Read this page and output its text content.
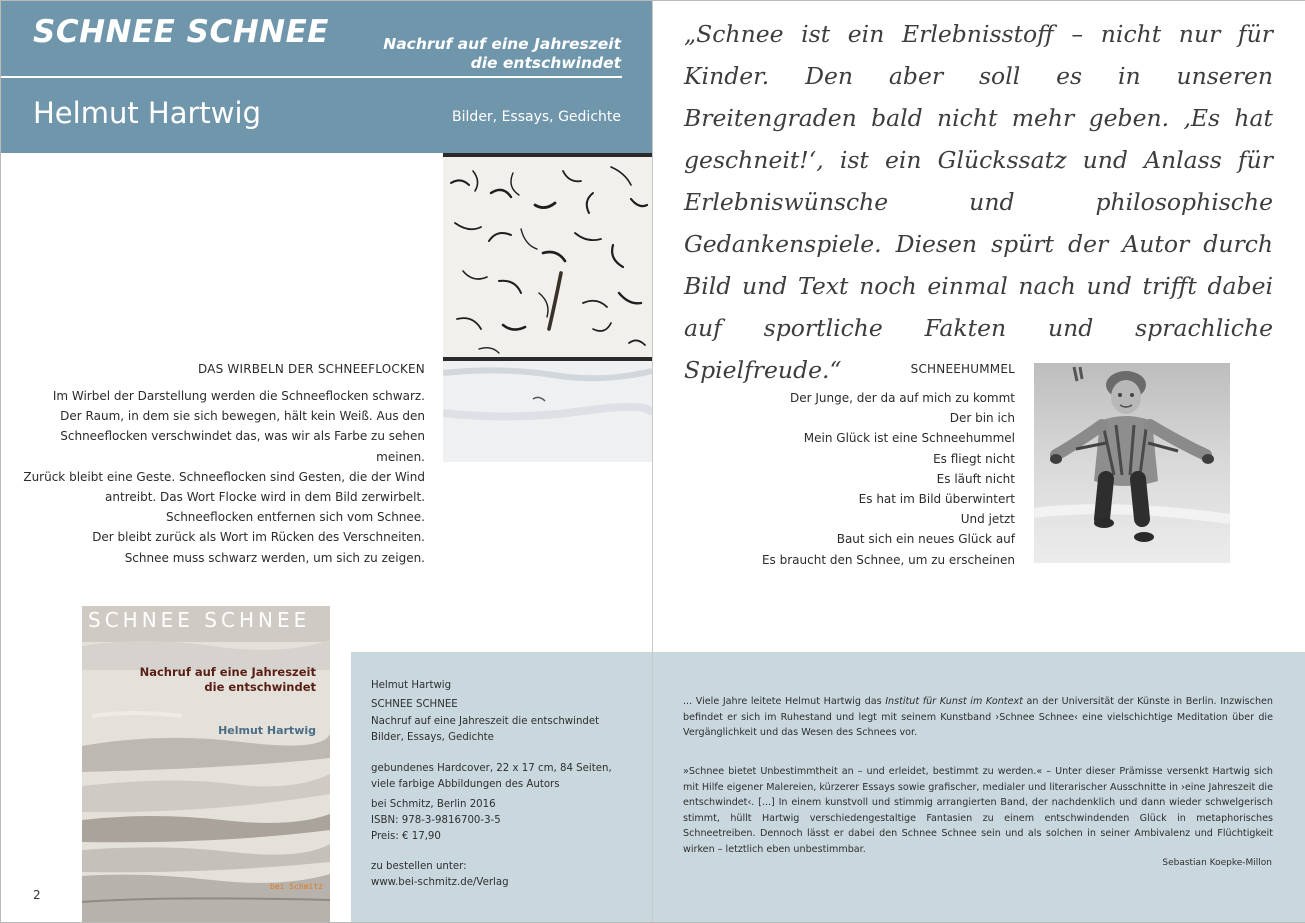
SCHNEE SCHNEE	Nachruf auf eine Jahreszeit
die entschwindet
Helmut Hartwig	Bilder, Essays, Gedichte
DAS WIRBELN DER SCHNEEFLOCKEN
Im Wirbel der Darstellung werden die Schneeflocken schwarz.
Der Raum, in dem sie sich bewegen, hält kein Weiß. Aus den
Schneeflocken verschwindet das, was wir als Farbe zu sehen meinen.
Zurück bleibt eine Geste. Schneeflocken sind Gesten, die der Wind
antreibt. Das Wort Flocke wird in dem Bild zerwirbelt.
Schneeflocken entfernen sich vom Schnee.
Der bleibt zurück als Wort im Rücken des Verschneiten.
Schnee muss schwarz werden, um sich zu zeigen.
SCHNEE SCHNEE
Nachruf auf eine Jahreszeit
die entschwindet
Helmut Hartwig
bei Schmitz
2
Helmut Hartwig
SCHNEE SCHNEE
Nachruf auf eine Jahreszeit die entschwindet
Bilder, Essays, Gedichte
gebundenes Hardcover, 22 x 17 cm, 84 Seiten,
viele farbige Abbildungen des Autors
bei Schmitz, Berlin 2016
ISBN: 978-3-9816700-3-5
Preis: € 17,90
zu bestellen unter:
www.bei-schmitz.de/Verlag
„Schnee ist ein Erlebnisstoff – nicht nur für Kinder. Den aber soll es in unseren Breitengraden bald nicht mehr geben. ‚Es hat geschneit!‘, ist ein Glückssatz und Anlass für Erlebniswünsche und philosophische Gedankenspiele. Diesen spürt der Autor durch Bild und Text noch einmal nach und trifft dabei auf sportliche Fakten und sprachliche Spielfreude.“	SCHNEEHUMMEL
Der Junge, der da auf mich zu kommt
Der bin ich
Mein Glück ist eine Schneehummel
Es fliegt nicht
Es läuft nicht
Es hat im Bild überwintert
Und jetzt
Baut sich ein neues Glück auf
Es braucht den Schnee, um zu erscheinen
... Viele Jahre leitete Helmut Hartwig das Institut für Kunst im Kontext an der Universität der Künste in Berlin. Inzwischen befindet er sich im Ruhestand und legt mit seinem Kunstband ›Schnee Schnee‹ eine vielschichtige Meditation über die Vergänglichkeit und das Wesen des Schnees vor.
»Schnee bietet Unbestimmtheit an – und erleidet, bestimmt zu werden.« – Unter dieser Prämisse versenkt Hartwig sich mit Hilfe eigener Malereien, kürzerer Essays sowie grafischer, medialer und literarischer Ausschnitte in ›eine Jahreszeit die entschwindet‹. [...] In einem kunstvoll und stimmig arrangierten Band, der nachdenklich und dann wieder schwelgerisch stimmt, hüllt Hartwig verschiedengestaltige Fantasien zu einem entschwindenden Glück in metaphorisches Schneetreiben. Dennoch lässt er dabei den Schnee Schnee sein und als solchen in seiner Ambivalenz und Flüchtigkeit wirken – letztlich eben unbestimmbar.
Sebastian Koepke-Millon
